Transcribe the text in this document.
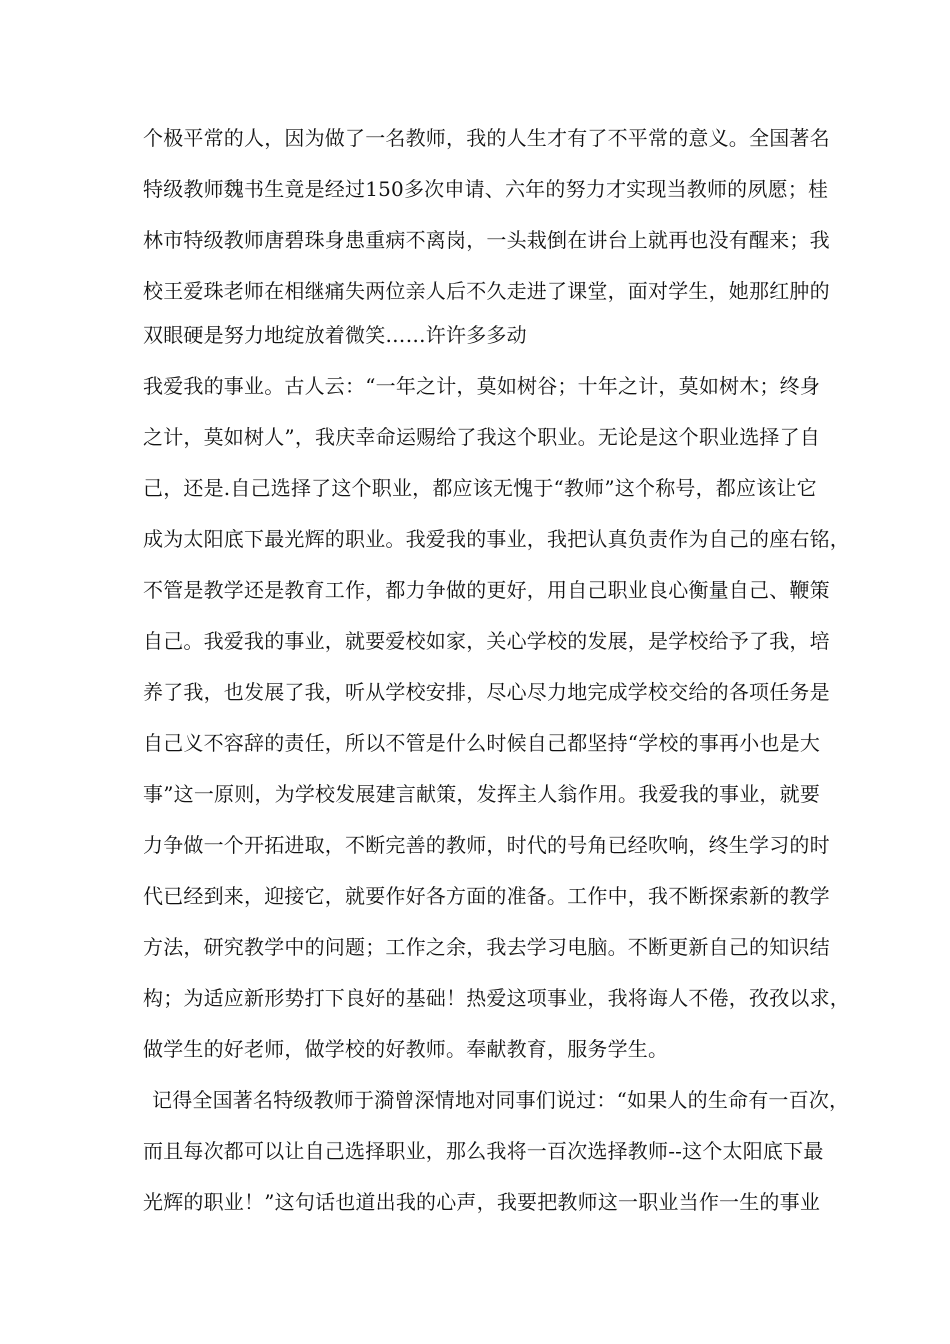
个极平常的人，因为做了一名教师，我的人生才有了不平常的意义。全国著名
特级教师魏书生竟是经过150多次申请、六年的努力才实现当教师的夙愿；桂
林市特级教师唐碧珠身患重病不离岗，一头栽倒在讲台上就再也没有醒来；我
校王爱珠老师在相继痛失两位亲人后不久走进了课堂，面对学生，她那红肿的
双眼硬是努力地绽放着微笑……许许多多动
我爱我的事业。古人云：“一年之计，莫如树谷；十年之计，莫如树木；终身
之计，莫如树人”，我庆幸命运赐给了我这个职业。无论是这个职业选择了自
己，还是.自己选择了这个职业，都应该无愧于“教师”这个称号，都应该让它
成为太阳底下最光辉的职业。我爱我的事业，我把认真负责作为自己的座右铭，
不管是教学还是教育工作，都力争做的更好，用自己职业良心衡量自己、鞭策
自己。我爱我的事业，就要爱校如家，关心学校的发展，是学校给予了我，培
养了我，也发展了我，听从学校安排，尽心尽力地完成学校交给的各项任务是
自己义不容辞的责任，所以不管是什么时候自己都坚持“学校的事再小也是大
事”这一原则，为学校发展建言献策，发挥主人翁作用。我爱我的事业，就要
力争做一个开拓进取，不断完善的教师，时代的号角已经吹响，终生学习的时
代已经到来，迎接它，就要作好各方面的准备。工作中，我不断探索新的教学
方法，研究教学中的问题；工作之余，我去学习电脑。不断更新自己的知识结
构；为适应新形势打下良好的基础！热爱这项事业，我将诲人不倦，孜孜以求，
做学生的好老师，做学校的好教师。奉献教育，服务学生。
记得全国著名特级教师于漪曾深情地对同事们说过：“如果人的生命有一百次，
而且每次都可以让自己选择职业，那么我将一百次选择教师--这个太阳底下最
光辉的职业！”这句话也道出我的心声，我要把教师这一职业当作一生的事业
